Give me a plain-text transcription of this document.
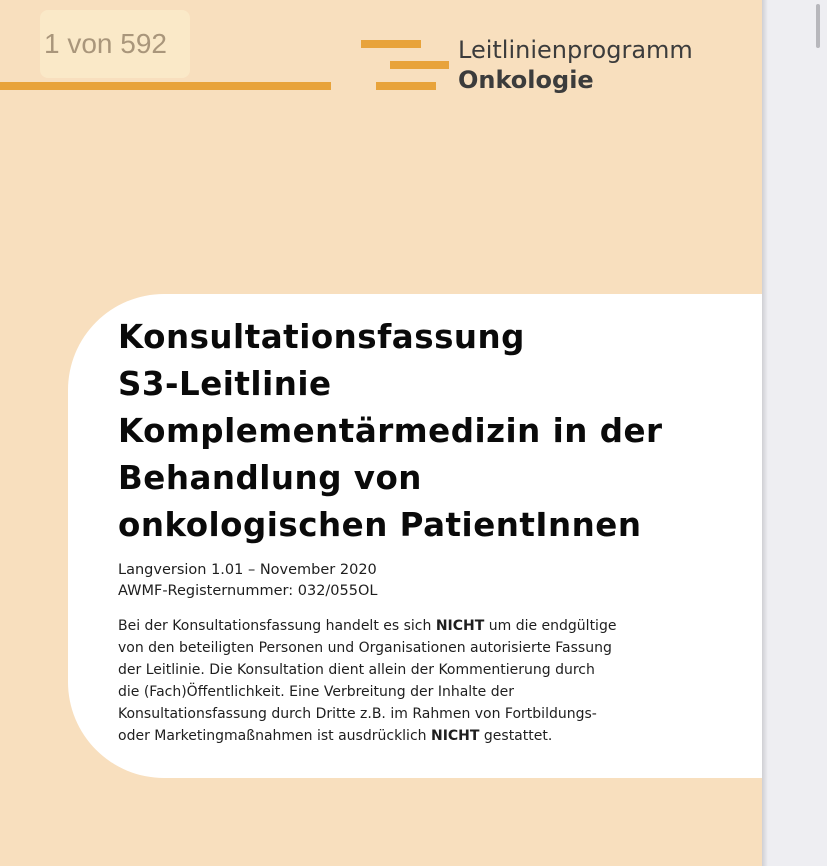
1 von 592	Leitlinienprogramm
Onkologie
Konsultationsfassung
S3-Leitlinie
Komplementärmedizin in der
Behandlung von
onkologischen PatientInnen
Langversion 1.01 – November 2020
AWMF-Registernummer: 032/055OL
Bei der Konsultationsfassung handelt es sich NICHT um die endgültige
von den beteiligten Personen und Organisationen autorisierte Fassung
der Leitlinie. Die Konsultation dient allein der Kommentierung durch
die (Fach)Öffentlichkeit. Eine Verbreitung der Inhalte der
Konsultationsfassung durch Dritte z.B. im Rahmen von Fortbildungs-
oder Marketingmaßnahmen ist ausdrücklich NICHT gestattet.
